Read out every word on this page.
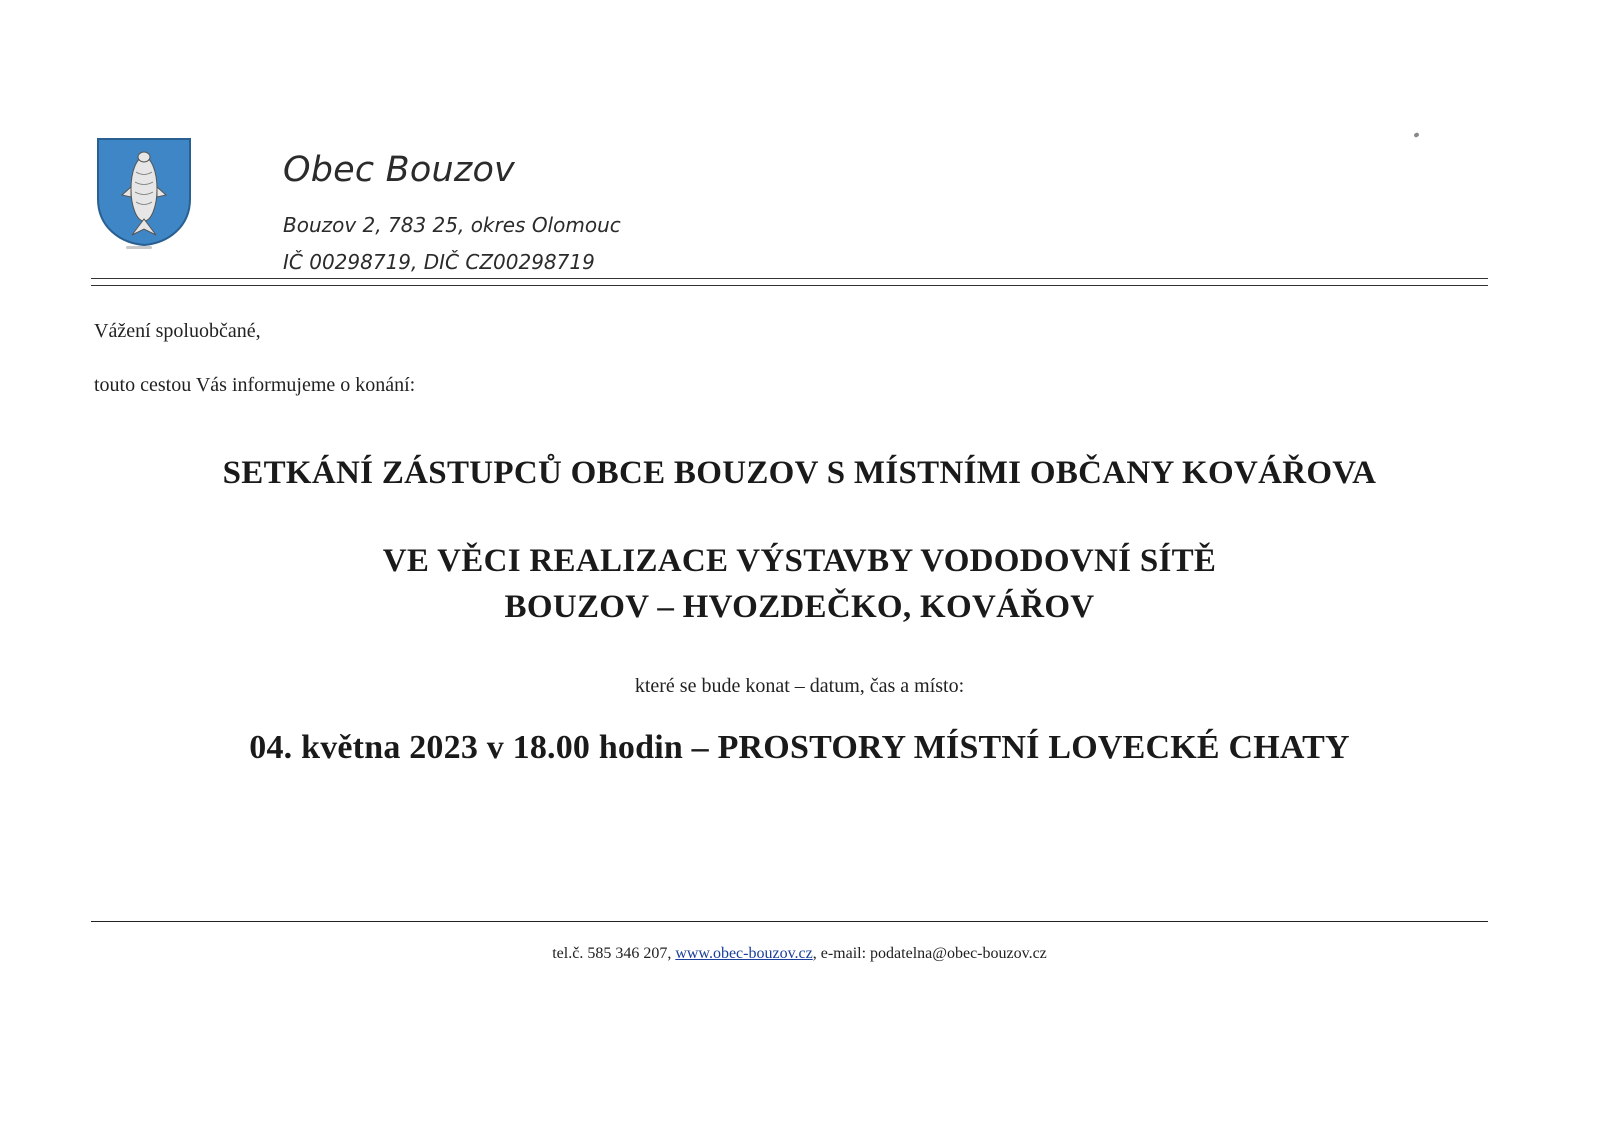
Obec Bouzov
Bouzov 2, 783 25, okres Olomouc
IČ 00298719, DIČ CZ00298719
Vážení spoluobčané,
touto cestou Vás informujeme o konání:
SETKÁNÍ ZÁSTUPCŮ OBCE BOUZOV S MÍSTNÍMI OBČANY KOVÁŘOVA
VE VĚCI REALIZACE VÝSTAVBY VODODOVNÍ SÍTĚ
BOUZOV – HVOZDEČKO, KOVÁŘOV
které se bude konat – datum, čas a místo:
04. května 2023 v 18.00 hodin – PROSTORY MÍSTNÍ LOVECKÉ CHATY
tel.č. 585 346 207, www.obec-bouzov.cz, e-mail: podatelna@obec-bouzov.cz
